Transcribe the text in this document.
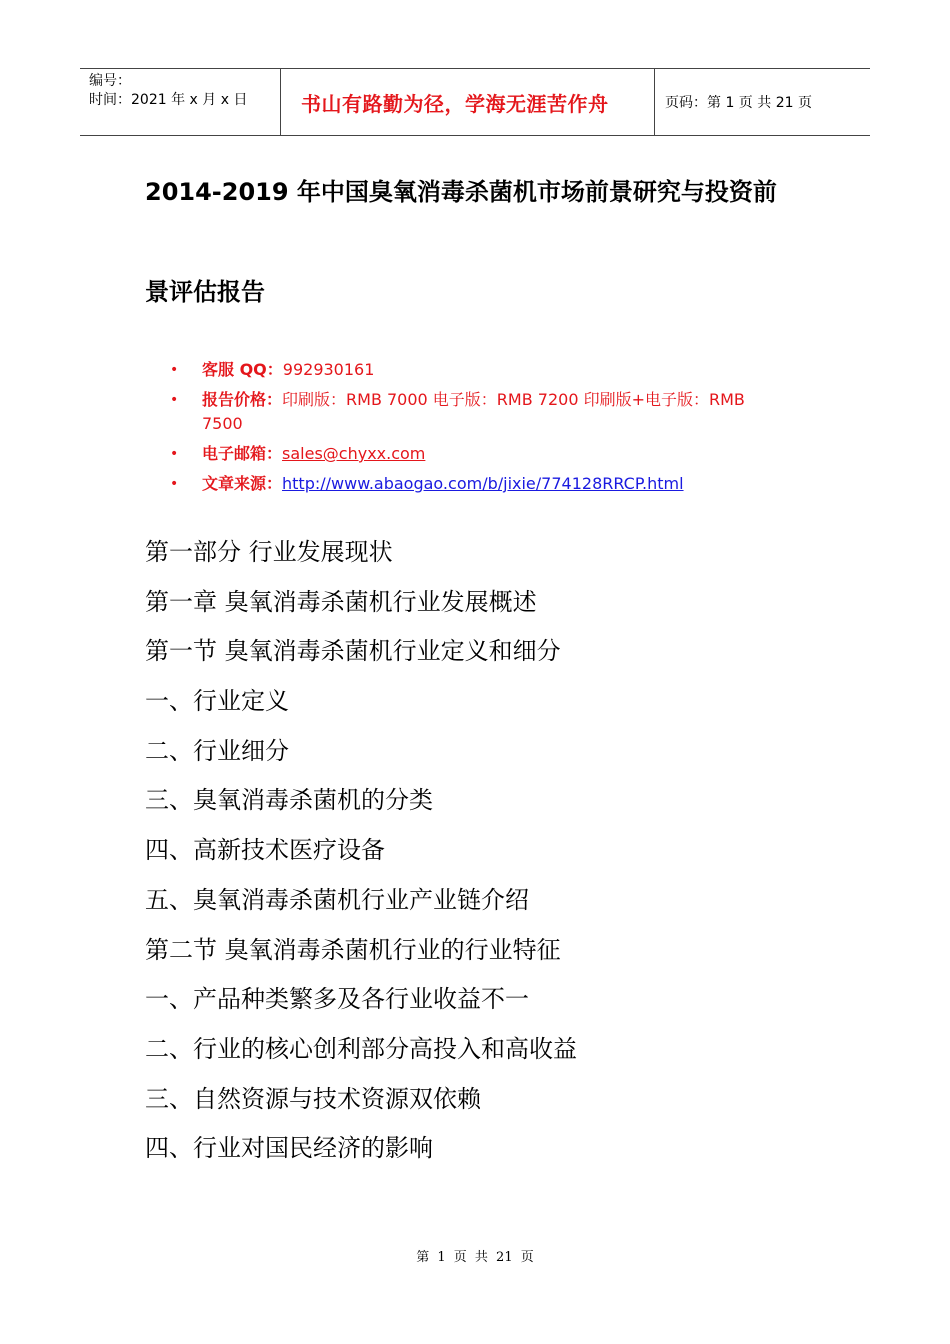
编号：
时间：2021 年 x 月 x 日	书山有路勤为径，学海无涯苦作舟	页码：第 1 页 共 21 页
2014-2019 年中国臭氧消毒杀菌机市场前景研究与投资前
景评估报告
• 客服 QQ：992930161
• 报告价格：印刷版：RMB 7000 电子版：RMB 7200 印刷版+电子版：RMB 7500
• 电子邮箱：sales@chyxx.com
• 文章来源：http://www.abaogao.com/b/jixie/774128RRCP.html
第一部分 行业发展现状
第一章 臭氧消毒杀菌机行业发展概述
第一节 臭氧消毒杀菌机行业定义和细分
一、行业定义
二、行业细分
三、臭氧消毒杀菌机的分类
四、高新技术医疗设备
五、臭氧消毒杀菌机行业产业链介绍
第二节 臭氧消毒杀菌机行业的行业特征
一、产品种类繁多及各行业收益不一
二、行业的核心创利部分高投入和高收益
三、自然资源与技术资源双依赖
四、行业对国民经济的影响
第 1 页 共 21 页
